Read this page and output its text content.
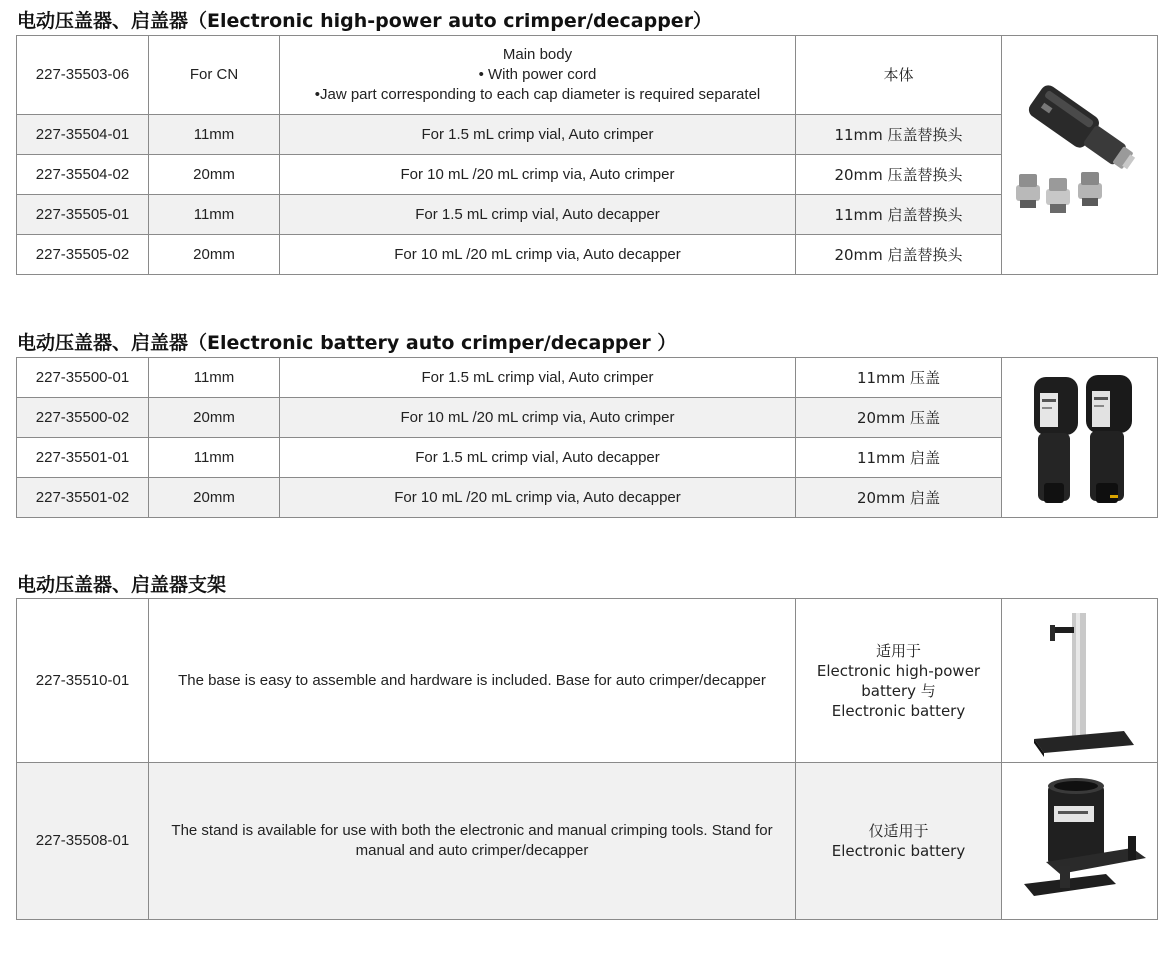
电动压盖器、启盖器（Electronic high-power auto crimper/decapper）
227-35503-06	For CN	Main body
• With power cord
•Jaw part corresponding to each cap diameter is required separatel	本体	

227-35504-01	11mm	For 1.5 mL crimp vial, Auto crimper	11mm 压盖替换头	
227-35504-02	20mm	For 10 mL /20 mL crimp via, Auto crimper	20mm 压盖替换头	
227-35505-01	11mm	For 1.5 mL crimp vial, Auto decapper	11mm 启盖替换头	
227-35505-02	20mm	For 10 mL /20 mL crimp via, Auto decapper	20mm 启盖替换头	
电动压盖器、启盖器（Electronic battery auto crimper/decapper ）
227-35500-01	11mm	For 1.5 mL crimp vial, Auto crimper	11mm 压盖	

227-35500-02	20mm	For 10 mL /20 mL crimp via, Auto crimper	20mm 压盖	
227-35501-01	11mm	For 1.5 mL crimp vial, Auto decapper	11mm 启盖	
227-35501-02	20mm	For 10 mL /20 mL crimp via, Auto decapper	20mm 启盖	
电动压盖器、启盖器支架
227-35510-01	The base is easy to assemble and hardware is included. Base for auto crimper/decapper	适用于
Electronic high-power
battery 与
Electronic battery

227-35508-01	The stand is available for use with both the electronic and manual crimping tools. Stand for manual and auto crimper/decapper	仅适用于
Electronic battery
